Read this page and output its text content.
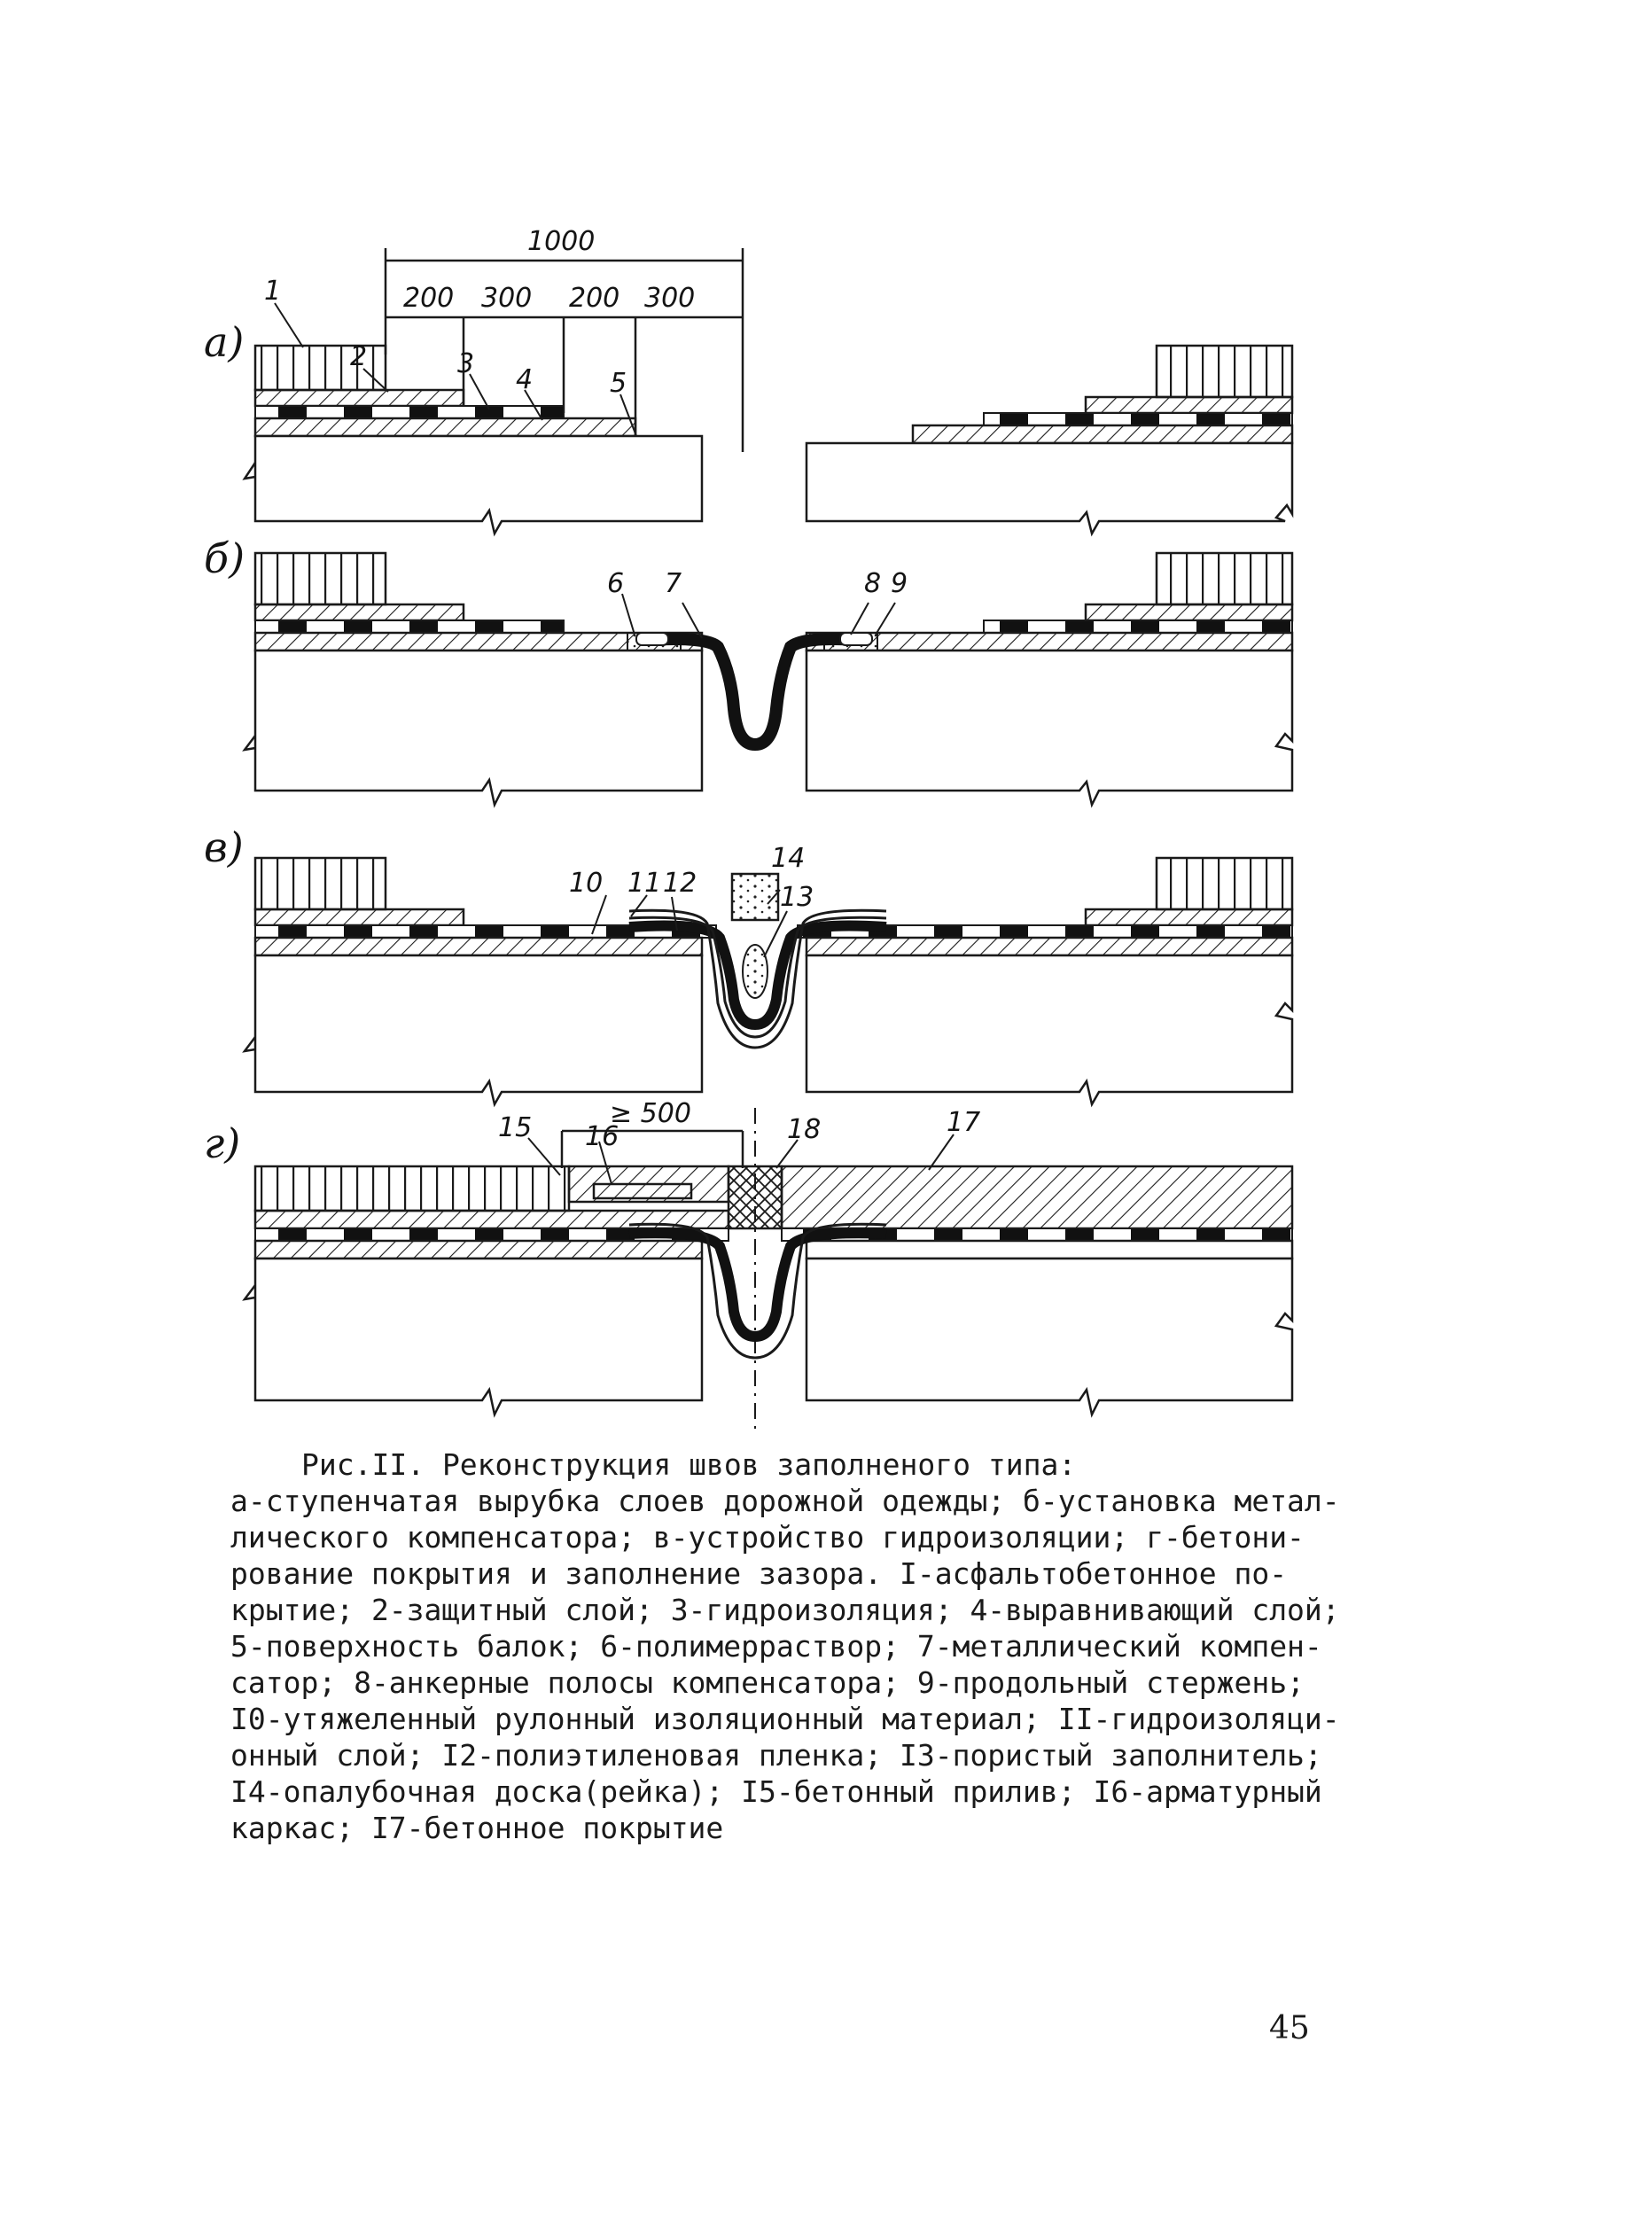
а)
1000
200 300 200 300
1
2	3
4	5
б)
6 7	8 9
в)
10 11 12	13
14
г)
≥ 500
15 16	17
18
Рис.II. Реконструкция швов заполненого типа:
а-ступенчатая вырубка слоев дорожной одежды; б-установка метал-
лического компенсатора; в-устройство гидроизоляции; г-бетони-
рование покрытия и заполнение зазора. I-асфальтобетонное по-
крытие; 2-защитный слой; 3-гидроизоляция; 4-выравнивающий слой;
5-поверхность балок; 6-полимерраствор; 7-металлический компен-
сатор; 8-анкерные полосы компенсатора; 9-продольный стержень;
I0-утяжеленный рулонный изоляционный материал; II-гидроизоляци-
онный слой; I2-полиэтиленовая пленка; I3-пористый заполнитель;
I4-опалубочная доска(рейка); I5-бетонный прилив; I6-арматурный
каркас; I7-бетонное покрытие
45
